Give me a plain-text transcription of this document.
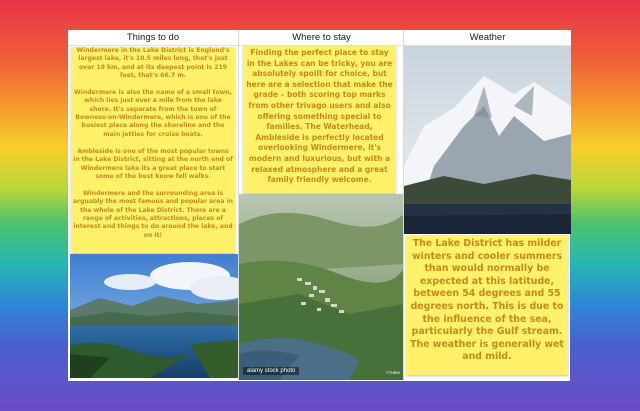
Things to do

Windermere in the Lake District is England's largest lake, it's 10.5 miles long, that's just over 18 km, and at its deepest point is 219 feet, that's 66.7 m.

Windermere is also the name of a small town, which lies just over a mile from the lake shore. It's separate from the town of Bowness-on-Windermere, which is one of the busiest place along the shoreline and the main jetties for cruise boats.

Ambleside is one of the most popular towns in the Lake District, sitting at the north end of Windermere lake its a great place to start some of the best know fell walks.

Windermere and the surrounding area is arguably the most famous and popular area in the whole of the Lake District. There are a range of activities, attractions, places of interest and things to do around the lake, and on it!

Where to stay
Finding the perfect place to stay in the Lakes can be tricky, you are absolutely spoilt for choice, but here are a selection that make the grade – both scoring top marks from other trivago users and also offering something special to families. The Waterhead, Ambleside is perfectly located overlooking Windermere, it's modern and luxurious, but with a relaxed atmosphere and a great family friendly welcome.
alamy stock photo	F7H8W
Weather
The Lake District has milder winters and cooler summers than would normally be expected at this latitude, between 54 degrees and 55 degrees north. This is due to the influence of the sea, particularly the Gulf stream. The weather is generally wet and mild.
